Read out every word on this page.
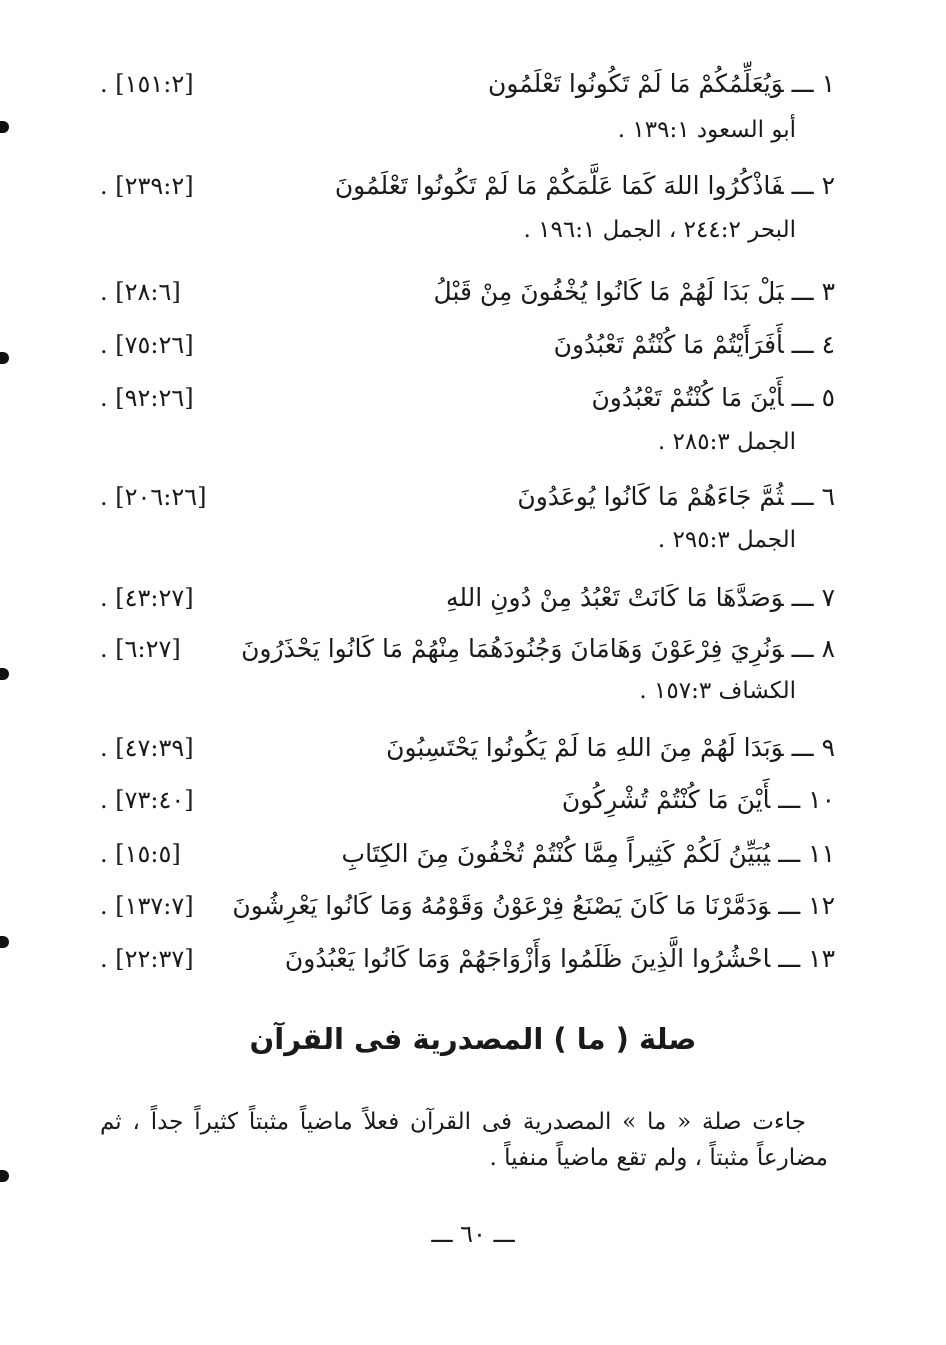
١ ـــوَيُعَلِّمُكُمْ مَا لَمْ تَكُونُوا تَعْلَمُون
[١٥١:٢] .
أبو السعود ١٣٩:١ .
٢ ـــفَاذْكُرُوا اللهَ كَمَا عَلَّمَكُمْ مَا لَمْ تَكُونُوا تَعْلَمُونَ
[٢٣٩:٢] .
البحر ٢٤٤:٢ ، الجمل ١٩٦:١ .
٣ ـــبَلْ بَدَا لَهُمْ مَا كَانُوا يُخْفُونَ مِنْ قَبْلُ
[٢٨:٦] .
٤ ـــأَفَرَأَيْتُمْ مَا كُنْتُمْ تَعْبُدُونَ
[٧٥:٢٦] .
٥ ـــأَيْنَ مَا كُنْتُمْ تَعْبُدُونَ
[٩٢:٢٦] .
الجمل ٢٨٥:٣ .
٦ ـــثُمَّ جَاءَهُمْ مَا كَانُوا يُوعَدُونَ
[٢٠٦:٢٦] .
الجمل ٢٩٥:٣ .
٧ ـــوَصَدَّهَا مَا كَانَتْ تَعْبُدُ مِنْ دُونِ اللهِ
[٤٣:٢٧] .
٨ ـــوَنُرِيَ فِرْعَوْنَ وَهَامَانَ وَجُنُودَهُمَا مِنْهُمْ مَا كَانُوا يَحْذَرُونَ
[٦:٢٧] .
الكشاف ١٥٧:٣ .
٩ ـــوَبَدَا لَهُمْ مِنَ اللهِ مَا لَمْ يَكُونُوا يَحْتَسِبُونَ
[٤٧:٣٩] .
١٠ ـــأَيْنَ مَا كُنْتُمْ تُشْرِكُونَ
[٧٣:٤٠] .
١١ ـــيُبَيِّنُ لَكُمْ كَثِيراً مِمَّا كُنْتُمْ تُخْفُونَ مِنَ الكِتَابِ
[١٥:٥] .
١٢ ـــوَدَمَّرْنَا مَا كَانَ يَصْنَعُ فِرْعَوْنُ وَقَوْمُهُ وَمَا كَانُوا يَعْرِشُونَ
[١٣٧:٧] .
١٣ ـــاحْشُرُوا الَّذِينَ ظَلَمُوا وَأَزْوَاجَهُمْ وَمَا كَانُوا يَعْبُدُونَ
[٢٢:٣٧] .
صلة ( ما ) المصدرية فى القرآن
جاءت صلة « ما » المصدرية فى القرآن فعلاً ماضياً مثبتاً كثيراً جداً ، ثم مضارعاً مثبتاً ، ولم تقع ماضياً منفياً .
ـــ ٦٠ ـــ
